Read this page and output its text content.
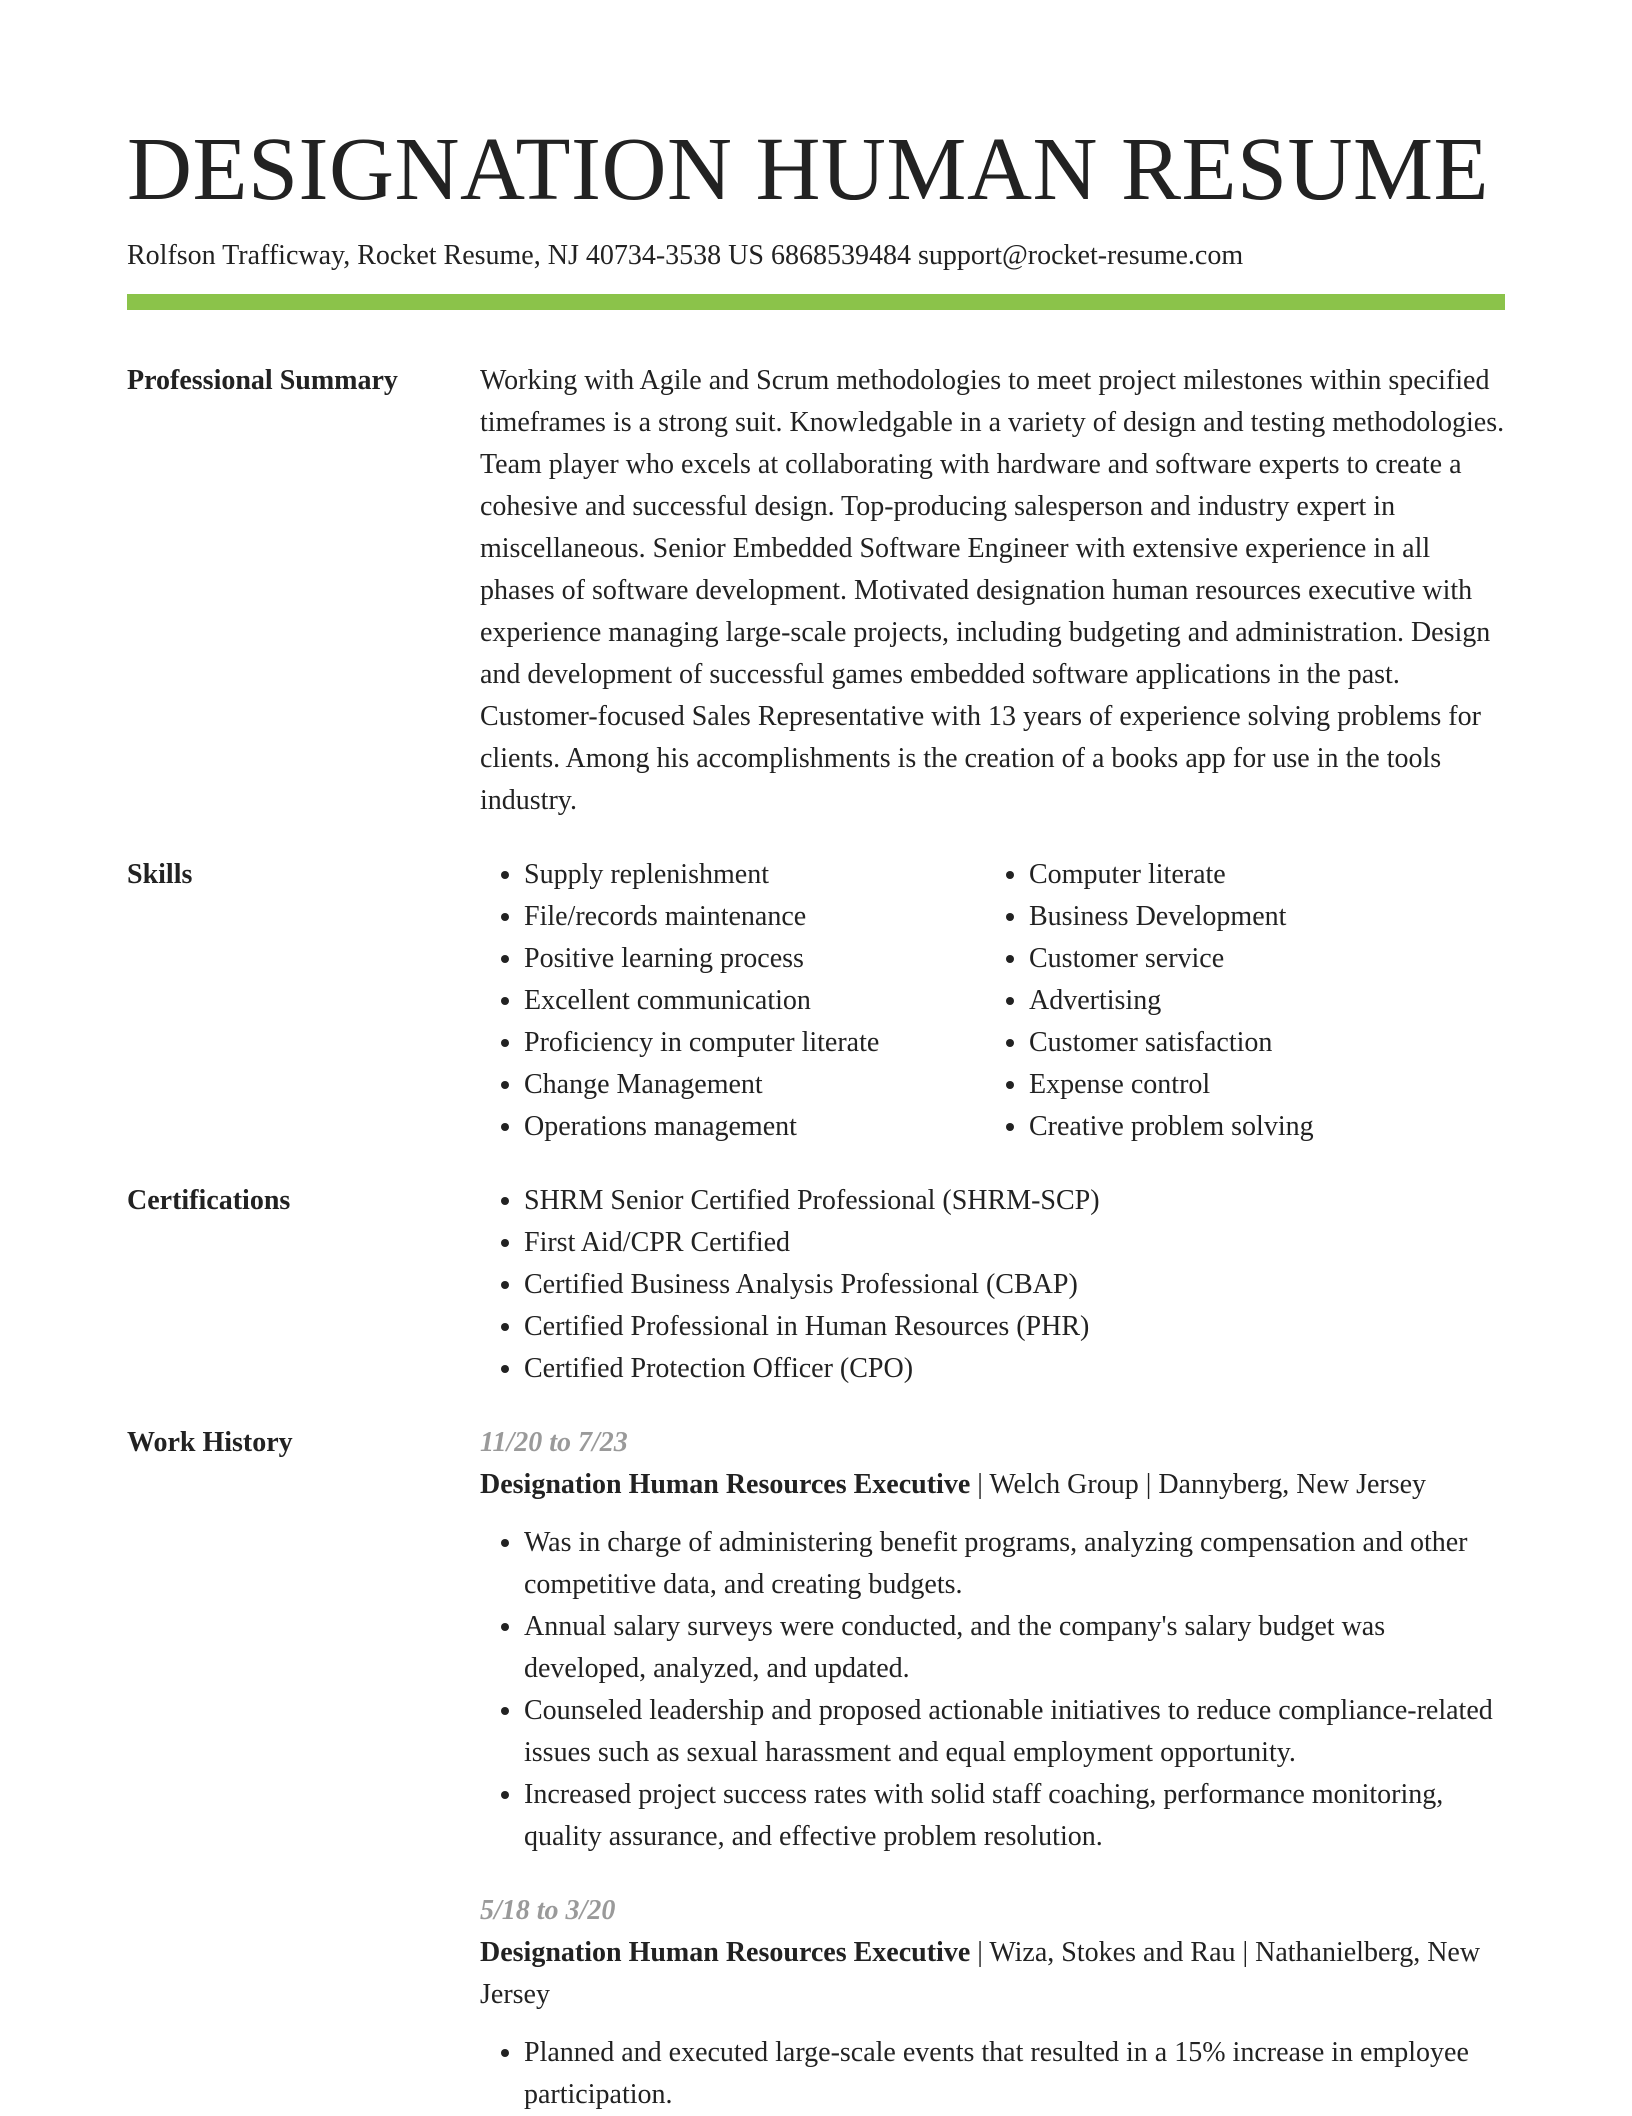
DESIGNATION HUMAN RESUME
Rolfson Trafficway, Rocket Resume, NJ 40734-3538 US 6868539484 support@rocket-resume.com
Professional Summary	Working with Agile and Scrum methodologies to meet project milestones within specified timeframes is a strong suit. Knowledgable in a variety of design and testing methodologies. Team player who excels at collaborating with hardware and software experts to create a cohesive and successful design. Top-producing salesperson and industry expert in miscellaneous. Senior Embedded Software Engineer with extensive experience in all phases of software development. Motivated designation human resources executive with experience managing large-scale projects, including budgeting and administration. Design and development of successful games embedded software applications in the past. Customer-focused Sales Representative with 13 years of experience solving problems for clients. Among his accomplishments is the creation of a books app for use in the tools industry.

Skills	• Supply replenishment
• File/records maintenance
• Positive learning process
• Excellent communication
• Proficiency in computer literate
• Change Management
• Operations management
• Computer literate
• Business Development
• Customer service
• Advertising
• Customer satisfaction
• Expense control
• Creative problem solving
Certifications	• SHRM Senior Certified Professional (SHRM-SCP)
• First Aid/CPR Certified
• Certified Business Analysis Professional (CBAP)
• Certified Professional in Human Resources (PHR)
• Certified Protection Officer (CPO)
Work History	11/20 to 7/23
Designation Human Resources Executive | Welch Group | Dannyberg, New Jersey
• Was in charge of administering benefit programs, analyzing compensation and other competitive data, and creating budgets.
• Annual salary surveys were conducted, and the company's salary budget was developed, analyzed, and updated.
• Counseled leadership and proposed actionable initiatives to reduce compliance-related issues such as sexual harassment and equal employment opportunity.
• Increased project success rates with solid staff coaching, performance monitoring, quality assurance, and effective problem resolution.
5/18 to 3/20
Designation Human Resources Executive | Wiza, Stokes and Rau | Nathanielberg, New Jersey
• Planned and executed large-scale events that resulted in a 15% increase in employee participation.
